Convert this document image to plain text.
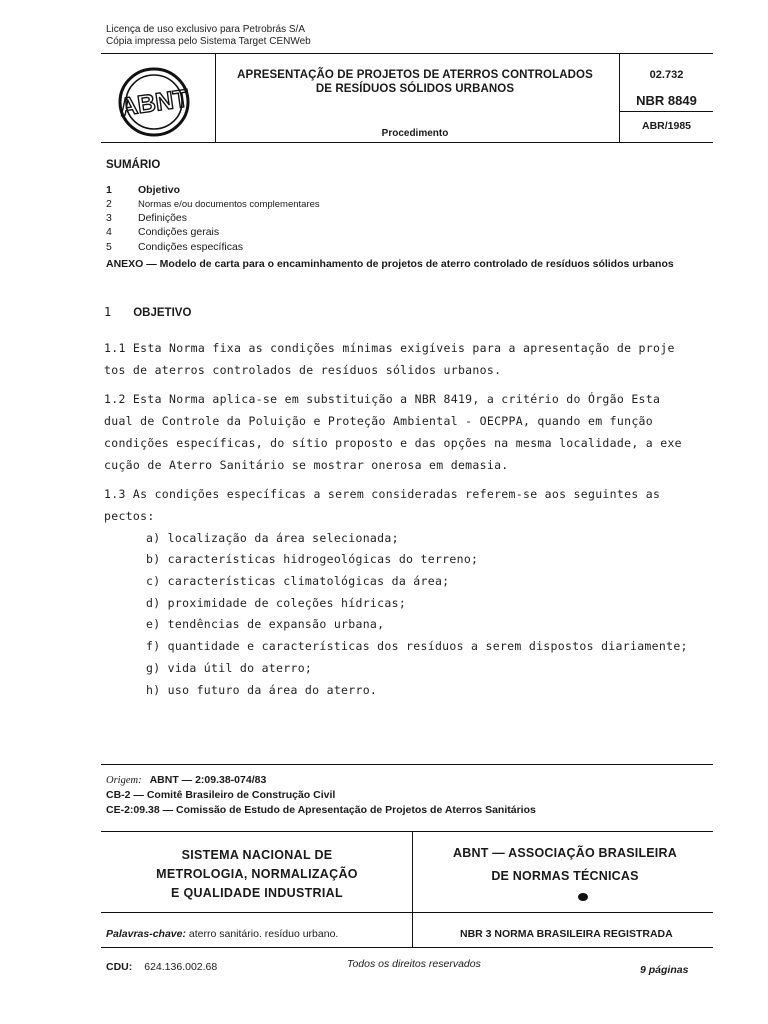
Licença de uso exclusivo para Petrobrás S/A
Cópia impressa pelo Sistema Target CENWeb
ABNT
APRESENTAÇÃO DE PROJETOS DE ATERROS CONTROLADOS
DE RESÍDUOS SÓLIDOS URBANOS
Procedimento
02.732
NBR 8849
ABR/1985
SUMÁRIO
1 Objetivo
2	Normas e/ou documentos complementares
3 Definições
4 Condições gerais
5 Condições específicas
ANEXO — Modelo de carta para o encaminhamento de projetos de aterro controlado de resíduos sólidos urbanos
1 OBJETIVO
1.1 Esta Norma fixa as condições mínimas exigíveis para a apresentação de proje
tos de aterros controlados de resíduos sólidos urbanos.
1.2 Esta Norma aplica-se em substituição a NBR 8419, a critério do Órgão Esta
dual de Controle da Poluição e Proteção Ambiental - OECPPA, quando em função
condições específicas, do sítio proposto e das opções na mesma localidade, a exe
cução de Aterro Sanitário se mostrar onerosa em demasia.
1.3 As condições específicas a serem consideradas referem-se aos seguintes as
pectos:
a) localização da área selecionada;
b) características hidrogeológicas do terreno;
c) características climatológicas da área;
d) proximidade de coleções hídricas;
e) tendências de expansão urbana,
f) quantidade e características dos resíduos a serem dispostos diariamente;
g) vida útil do aterro;
h) uso futuro da área do aterro.
Origem: ABNT — 2:09.38-074/83
CB-2 — Comitê Brasileiro de Construção Civil
CE-2:09.38 — Comissão de Estudo de Apresentação de Projetos de Aterros Sanitários
SISTEMA NACIONAL DE
METROLOGIA, NORMALIZAÇÃO
E QUALIDADE INDUSTRIAL
ABNT — ASSOCIAÇÃO BRASILEIRA
DE NORMAS TÉCNICAS
Palavras-chave: aterro sanitário. resíduo urbano.	NBR 3 NORMA BRASILEIRA REGISTRADA
CDU: 624.136.002.68	Todos os direitos reservados	9 páginas
